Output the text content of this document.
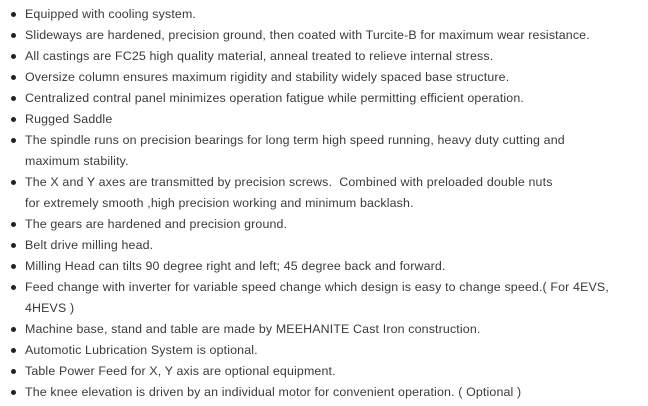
Equipped with cooling system.
Slideways are hardened, precision ground, then coated with Turcite-B for maximum wear resistance.
All castings are FC25 high quality material, anneal treated to relieve internal stress.
Oversize column ensures maximum rigidity and stability widely spaced base structure.
Centralized contral panel minimizes operation fatigue while permitting efficient operation.
Rugged Saddle
The spindle runs on precision bearings for long term high speed running, heavy duty cutting and
maximum stability.
The X and Y axes are transmitted by precision screws.  Combined with preloaded double nuts
for extremely smooth ,high precision working and minimum backlash.
The gears are hardened and precision ground.
Belt drive milling head.
Milling Head can tilts 90 degree right and left; 45 degree back and forward.
Feed change with inverter for variable speed change which design is easy to change speed.( For 4EVS,
4HEVS )
Machine base, stand and table are made by MEEHANITE Cast Iron construction.
Automotic Lubrication System is optional.
Table Power Feed for X, Y axis are optional equipment.
The knee elevation is driven by an individual motor for convenient operation. ( Optional )
